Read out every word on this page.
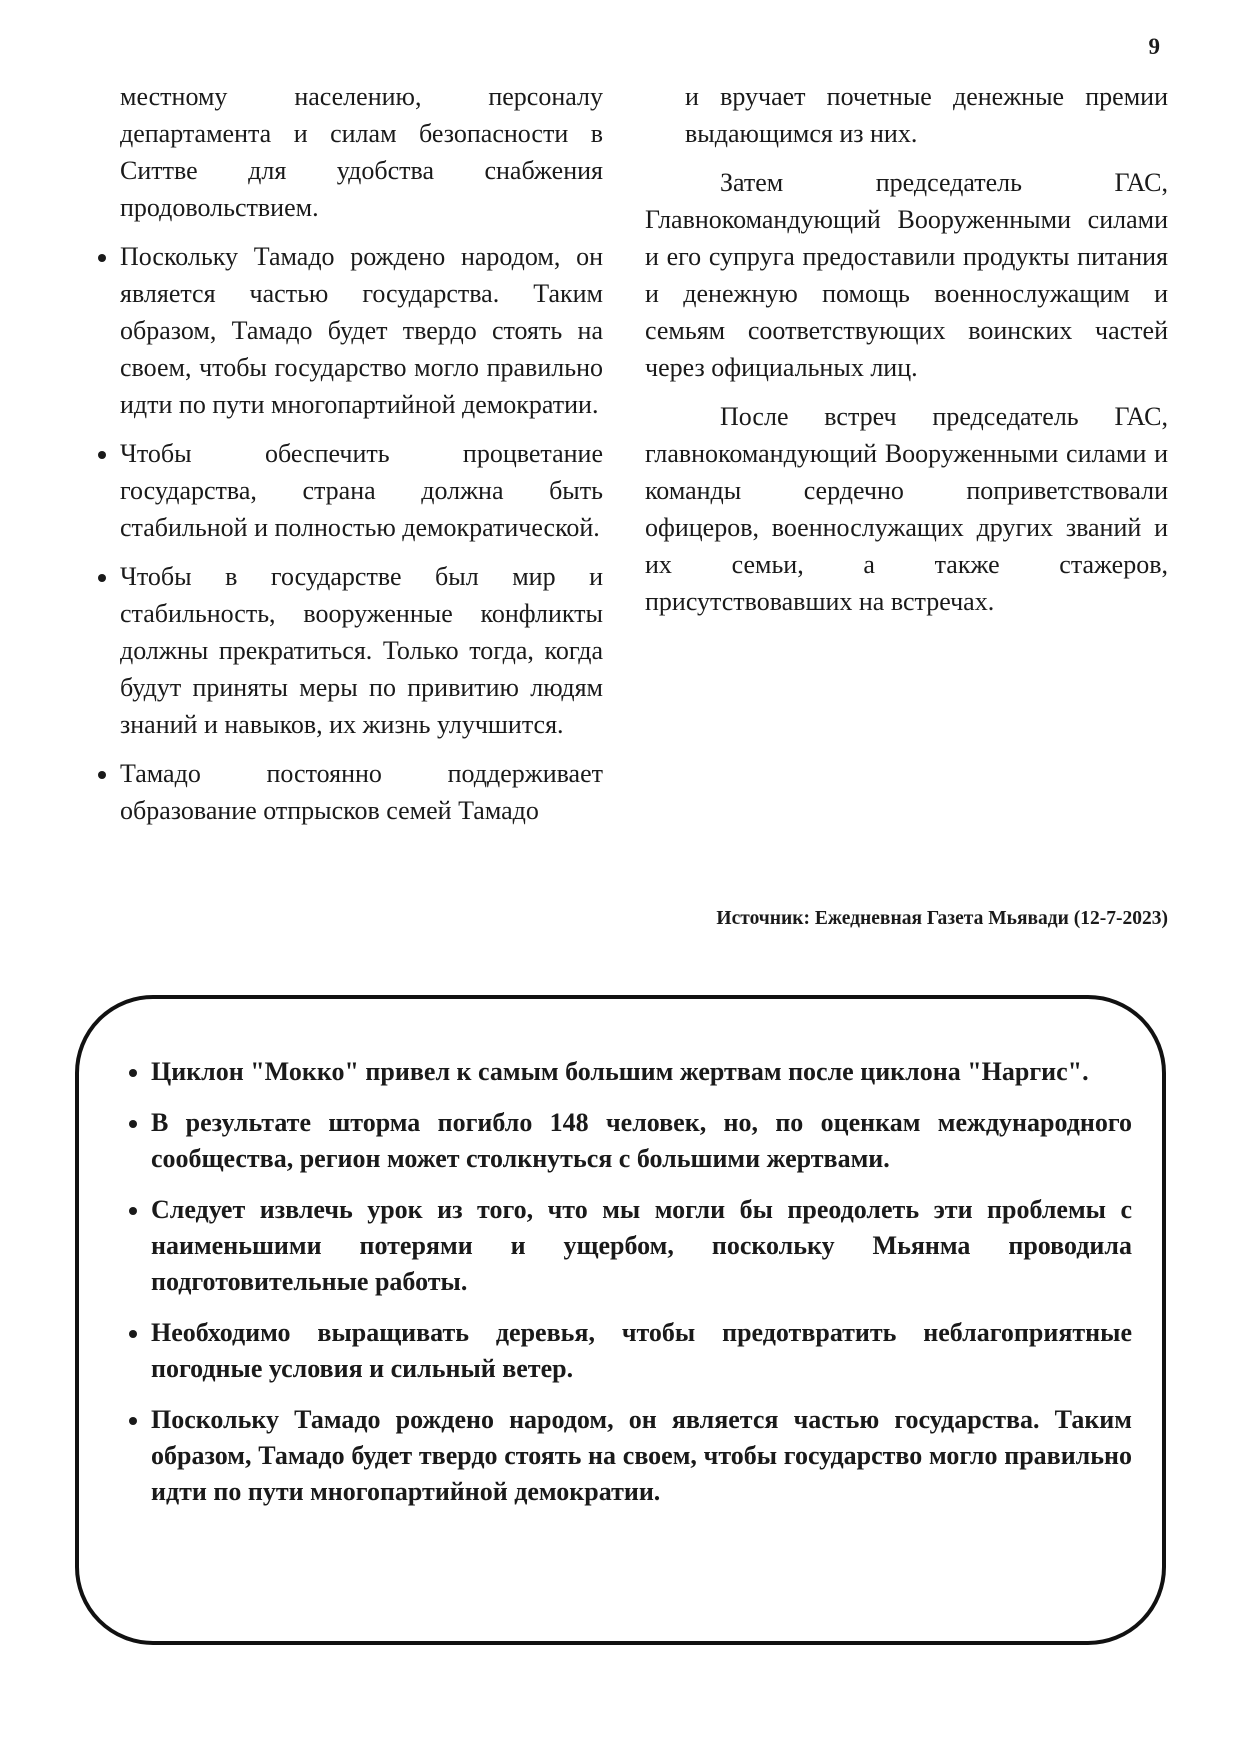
9

местному населению, персоналу департамента и силам безопасности в Ситтве для удобства снабжения продовольствием.

• Поскольку Тамадо рождено народом, он является частью государства. Таким образом, Тамадо будет твердо стоять на своем, чтобы государство могло правильно идти по пути многопартийной демократии.
• Чтобы обеспечить процветание государства, страна должна быть стабильной и полностью демократической.
• Чтобы в государстве был мир и стабильность, вооруженные конфликты должны прекратиться. Только тогда, когда будут приняты меры по привитию людям знаний и навыков, их жизнь улучшится.
• Тамадо постоянно поддерживает образование отпрысков семей Тамадо

и вручает почетные денежные премии выдающимся из них.

Затем председатель ГАС, Главнокомандующий Вооруженными силами и его супруга предоставили продукты питания и денежную помощь военнослужащим и семьям соответствующих воинских частей через официальных лиц.

После встреч председатель ГАС, главнокомандующий Вооруженными силами и команды сердечно поприветствовали офицеров, военнослужащих других званий и их семьи, а также стажеров, присутствовавших на встречах.

Источник: Ежедневная Газета Мьявади (12-7-2023)
• Циклон "Мокко" привел к самым большим жертвам после циклона "Наргис".
• В результате шторма погибло 148 человек, но, по оценкам международного сообщества, регион может столкнуться с большими жертвами.
• Следует извлечь урок из того, что мы могли бы преодолеть эти проблемы с наименьшими потерями и ущербом, поскольку Мьянма проводила подготовительные работы.
• Необходимо выращивать деревья, чтобы предотвратить неблагоприятные погодные условия и сильный ветер.
• Поскольку Тамадо рождено народом, он является частью государства. Таким образом, Тамадо будет твердо стоять на своем, чтобы государство могло правильно идти по пути многопартийной демократии.
